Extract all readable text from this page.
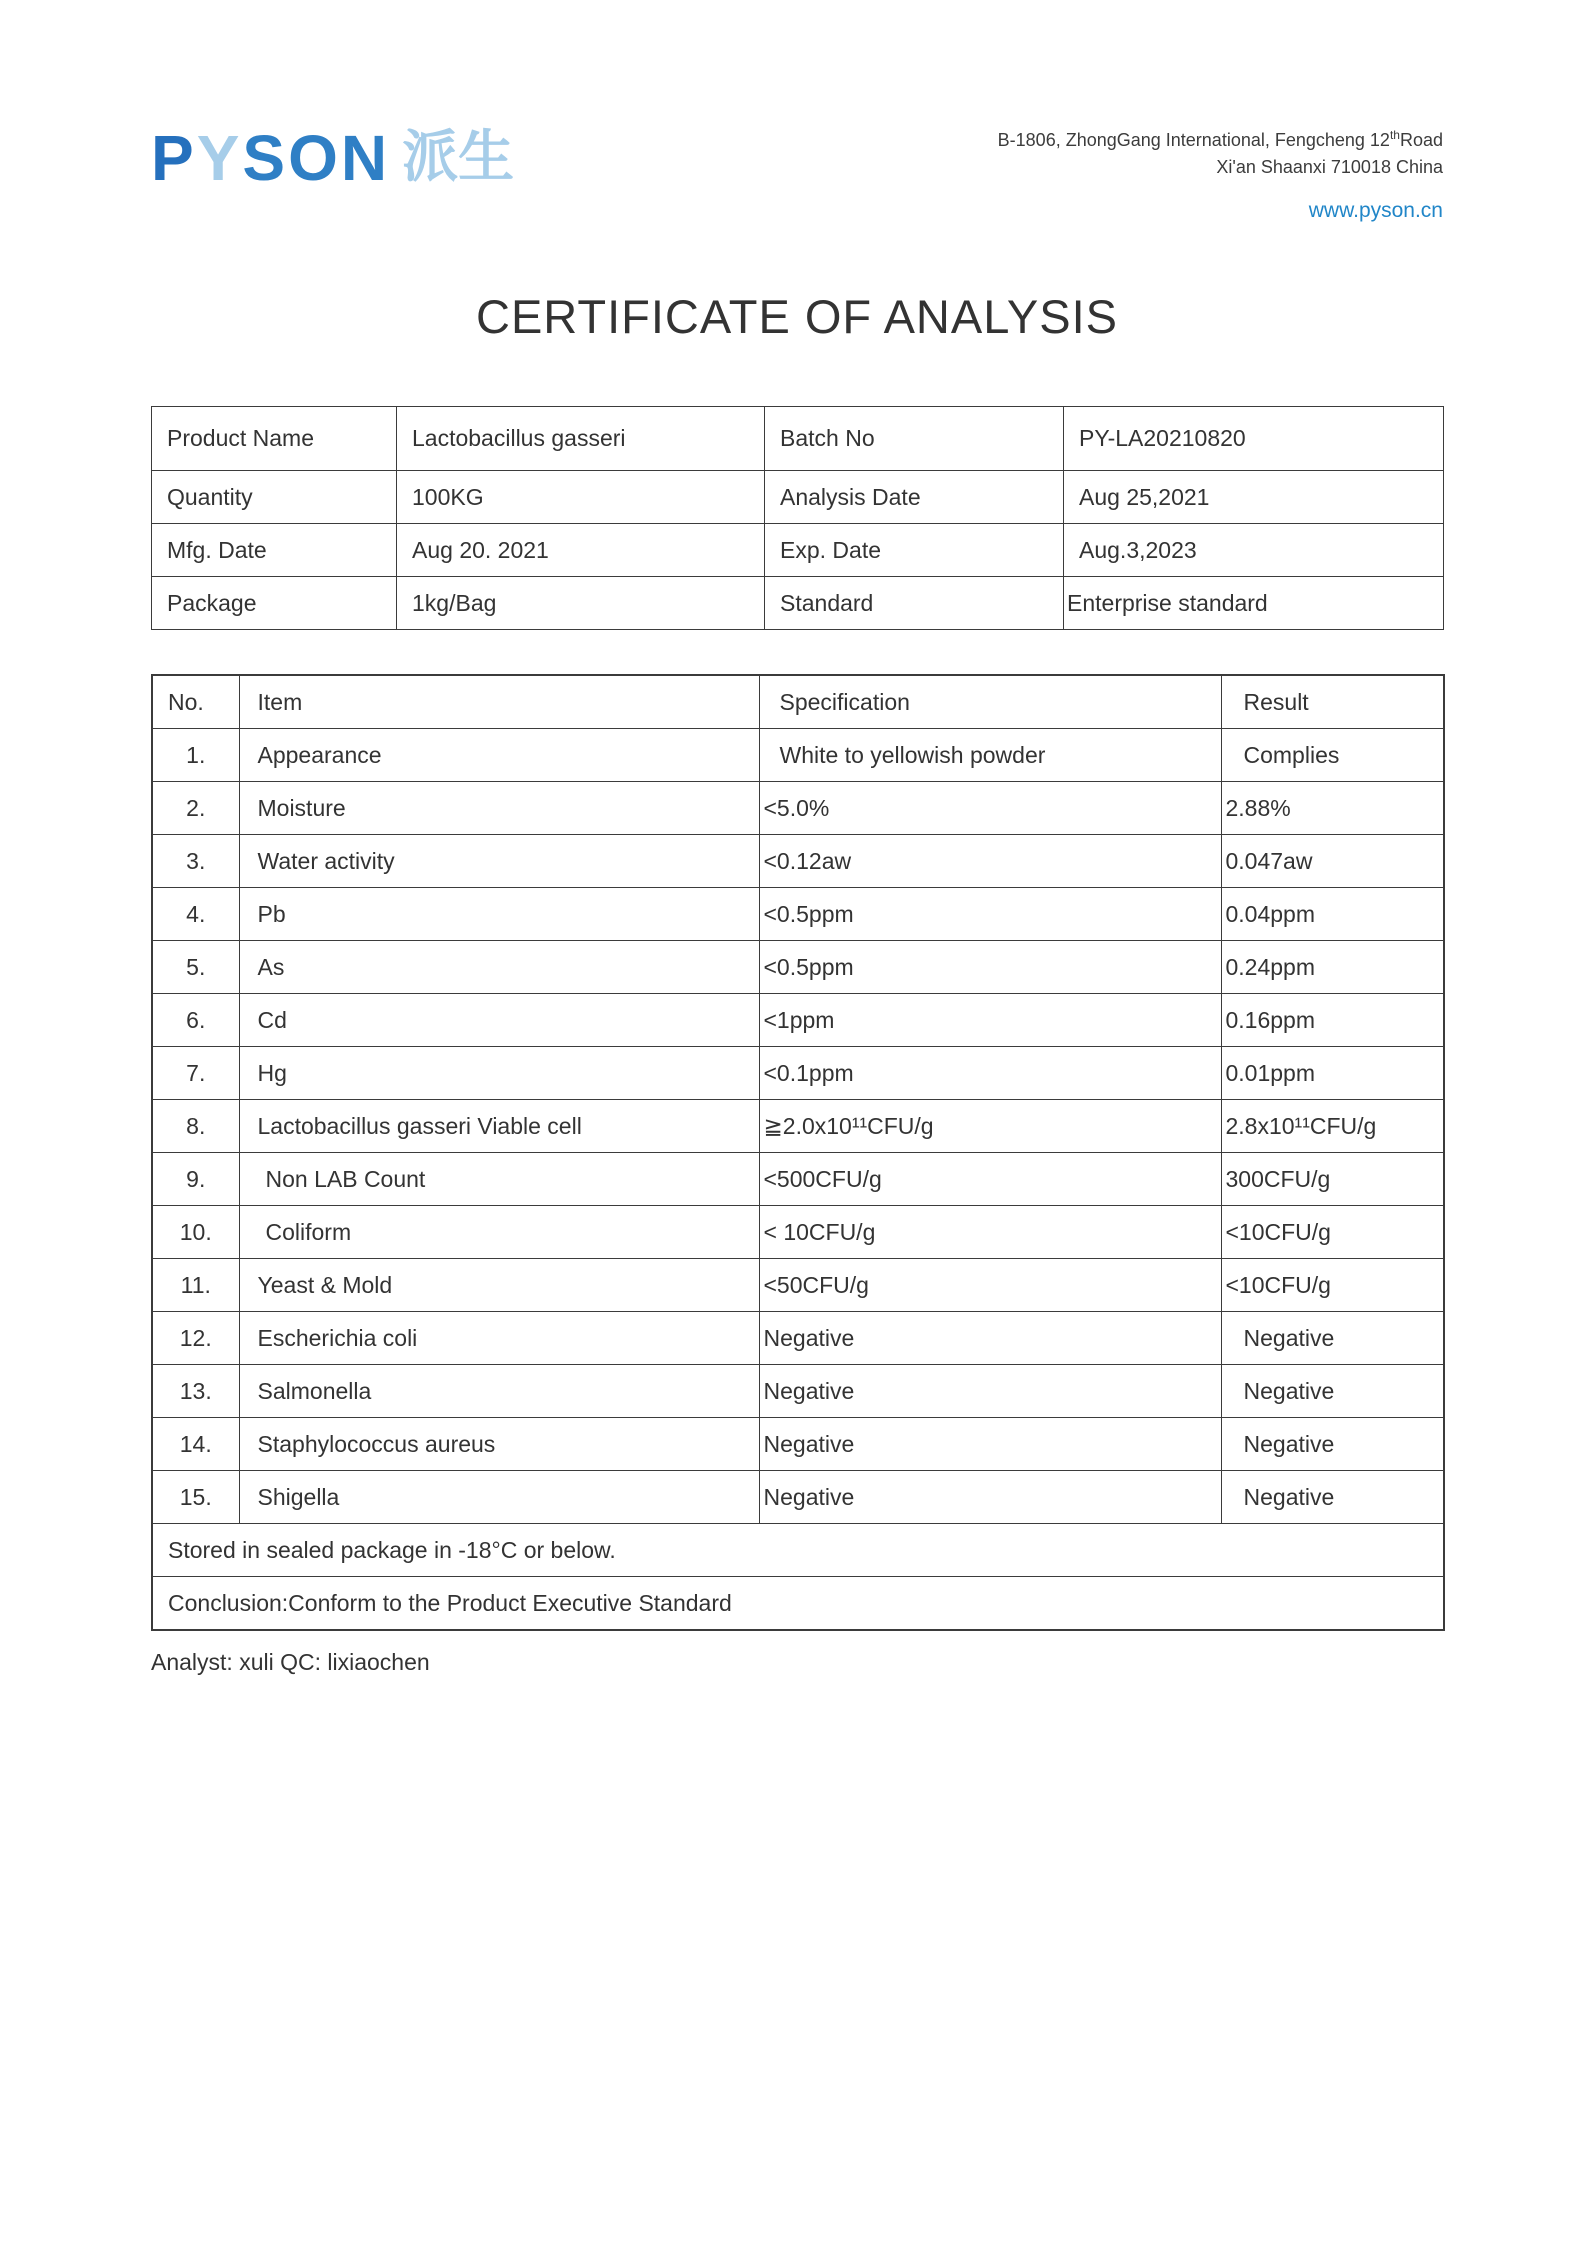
PYSON 派生	B-1806, ZhongGang International, Fengcheng 12thRoad
Xi'an Shaanxi 710018 China
www.pyson.cn
CERTIFICATE OF ANALYSIS
Product Name	Lactobacillus gasseri	Batch No	PY-LA20210820
Quantity	100KG	Analysis Date	Aug 25,2021
Mfg. Date	Aug 20. 2021	Exp. Date	Aug.3,2023
Package	1kg/Bag	Standard	Enterprise standard
No.	Item	Specification	Result
1.	Appearance	White to yellowish powder	Complies
2.	Moisture	<5.0%	2.88%
3.	Water activity	<0.12aw	0.047aw
4.	Pb	<0.5ppm	0.04ppm
5.	As	<0.5ppm	0.24ppm
6.	Cd	<1ppm	0.16ppm
7.	Hg	<0.1ppm	0.01ppm
8.	Lactobacillus gasseri Viable cell	≧2.0x10¹¹CFU/g	2.8x10¹¹CFU/g
9.	Non LAB Count	<500CFU/g	300CFU/g
10.	Coliform	< 10CFU/g	<10CFU/g
11.	Yeast & Mold	<50CFU/g	<10CFU/g
12.	Escherichia coli	Negative	Negative
13.	Salmonella	Negative	Negative
14.	Staphylococcus aureus	Negative	Negative
15.	Shigella	Negative	Negative
Stored in sealed package in -18°C or below.			
Conclusion:Conform to the Product Executive Standard			
Analyst: xuli QC: lixiaochen
